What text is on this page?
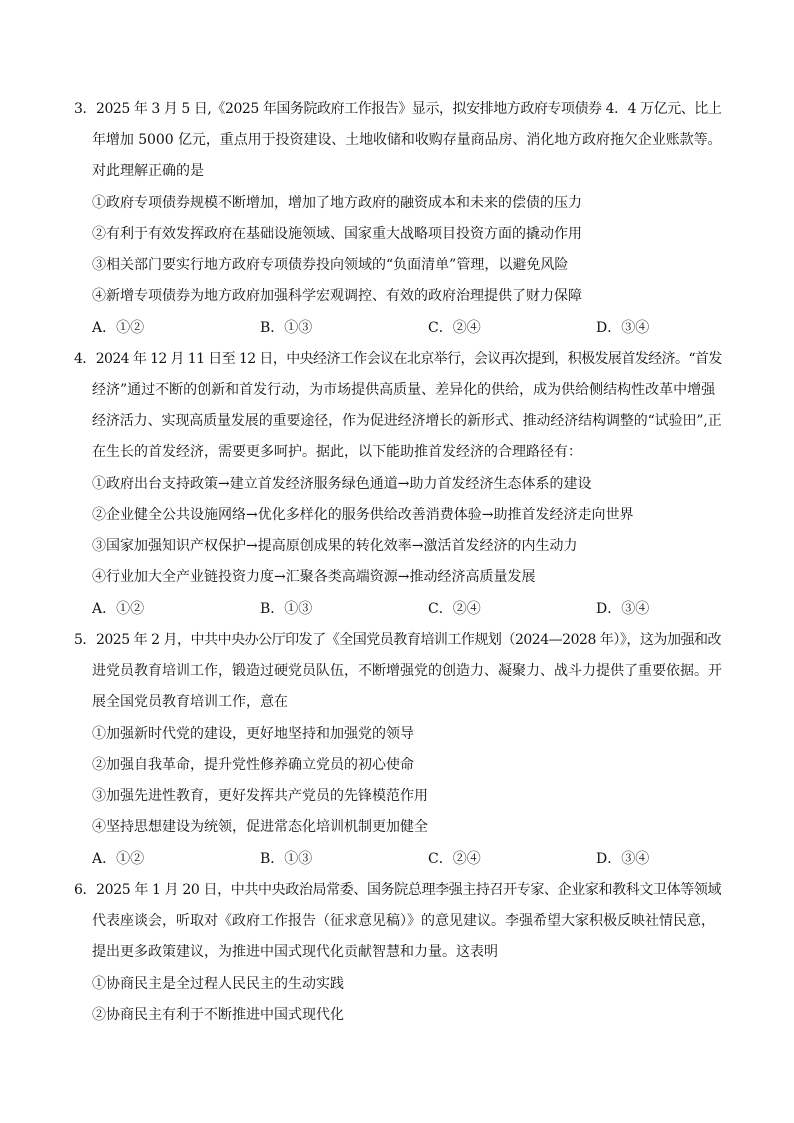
3．2025 年 3 月 5 日,《2025 年国务院政府工作报告》显示，拟安排地方政府专项债券 4．4 万亿元、比上
年增加 5000 亿元，重点用于投资建设、土地收储和收购存量商品房、消化地方政府拖欠企业账款等。
对此理解正确的是
①政府专项债券规模不断增加，增加了地方政府的融资成本和未来的偿债的压力
②有利于有效发挥政府在基础设施领域、国家重大战略项目投资方面的撬动作用
③相关部门要实行地方政府专项债券投向领域的“负面清单”管理，以避免风险
④新增专项债券为地方政府加强科学宏观调控、有效的政府治理提供了财力保障
A．①②	B．①③	C．②④	D．③④
4．2024 年 12 月 11 日至 12 日，中央经济工作会议在北京举行，会议再次提到，积极发展首发经济。“首发
经济”通过不断的创新和首发行动，为市场提供高质量、差异化的供给，成为供给侧结构性改革中增强
经济活力、实现高质量发展的重要途径，作为促进经济增长的新形式、推动经济结构调整的“试验田”,正
在生长的首发经济，需要更多呵护。据此，以下能助推首发经济的合理路径有：
①政府出台支持政策→建立首发经济服务绿色通道→助力首发经济生态体系的建设
②企业健全公共设施网络→优化多样化的服务供给改善消费体验→助推首发经济走向世界
③国家加强知识产权保护→提高原创成果的转化效率→激活首发经济的内生动力
④行业加大全产业链投资力度→汇聚各类高端资源→推动经济高质量发展
A．①②	B．①③	C．②④	D．③④
5．2025 年 2 月，中共中央办公厅印发了《全国党员教育培训工作规划（2024—2028 年）》，这为加强和改
进党员教育培训工作，锻造过硬党员队伍，不断增强党的创造力、凝聚力、战斗力提供了重要依据。开
展全国党员教育培训工作，意在
①加强新时代党的建设，更好地坚持和加强党的领导
②加强自我革命，提升党性修养确立党员的初心使命
③加强先进性教育，更好发挥共产党员的先锋模范作用
④坚持思想建设为统领，促进常态化培训机制更加健全
A．①②	B．①③	C．②④	D．③④
6．2025 年 1 月 20 日，中共中央政治局常委、国务院总理李强主持召开专家、企业家和教科文卫体等领域
代表座谈会，听取对《政府工作报告（征求意见稿）》的意见建议。李强希望大家积极反映社情民意，
提出更多政策建议，为推进中国式现代化贡献智慧和力量。这表明
①协商民主是全过程人民民主的生动实践
②协商民主有利于不断推进中国式现代化
